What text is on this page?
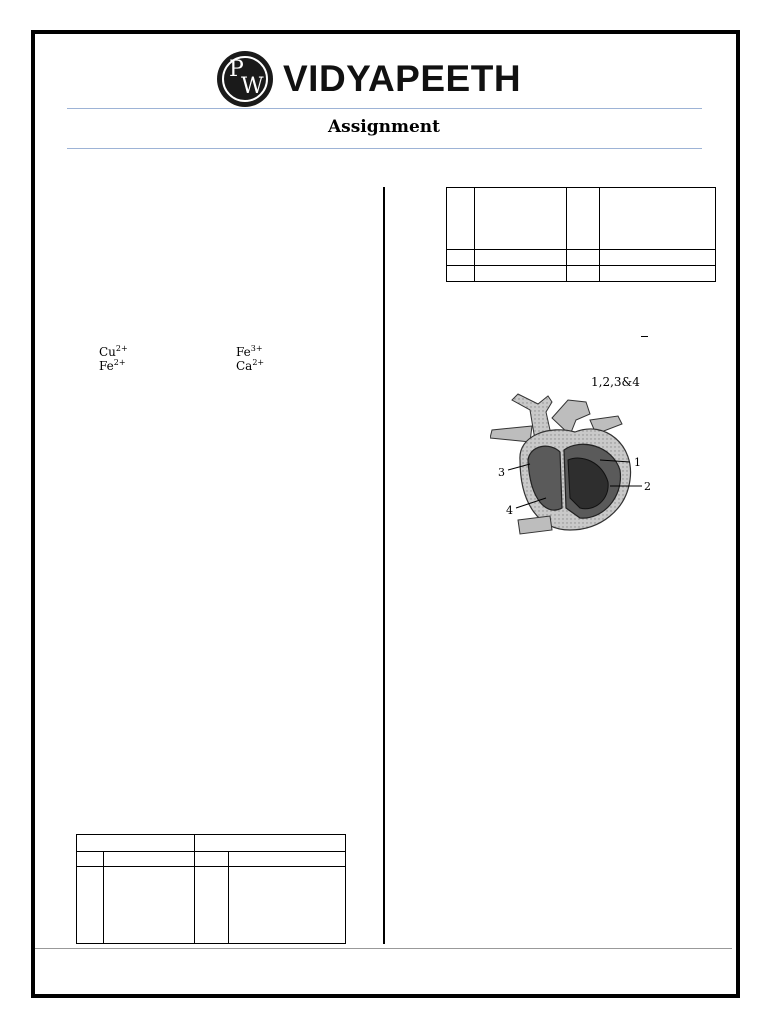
P
W VIDYAPEETH
Assignment
$Cu^{2+}$	$Fe^{3+}$
$Fe^{2+}$	$Ca^{2+}$

1,2,3&4
1
2
3
4
